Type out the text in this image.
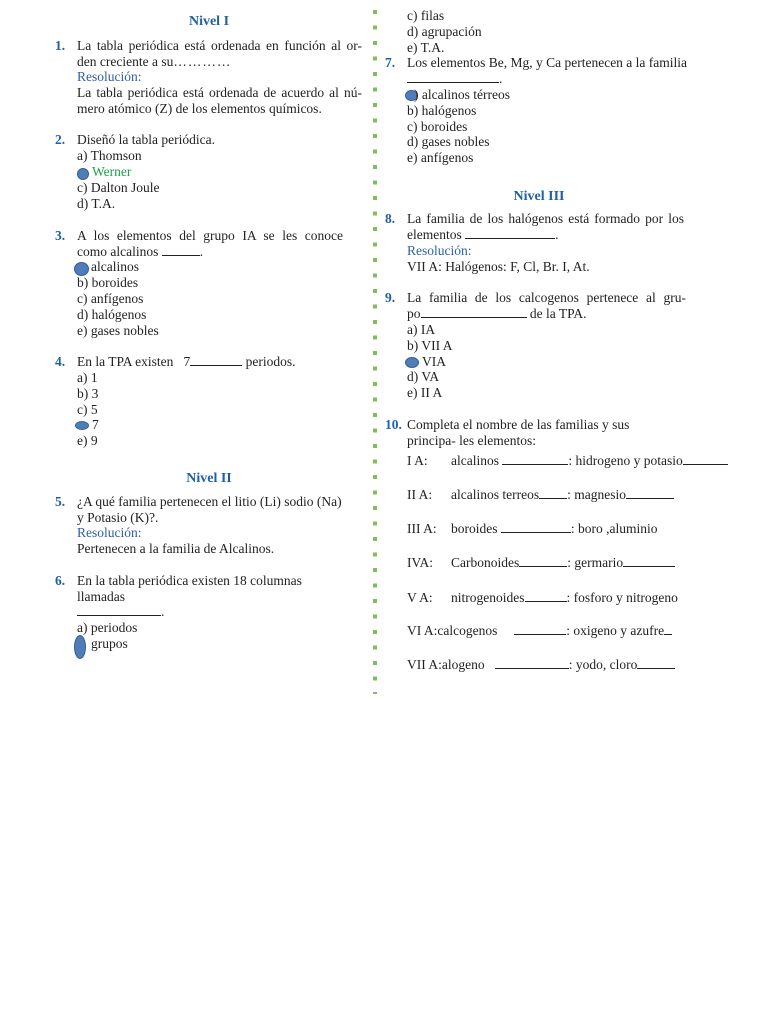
Nivel I
1. La tabla periódica está ordenada en función al or-
den creciente a su…………
Resolución:
La tabla periódica está ordenada de acuerdo al nú-
mero atómico (Z) de los elementos químicos.
2. Diseñó la tabla periódica.
a) Thomson
Werner
c) Dalton Joule
d) T.A.
3. A los elementos del grupo IA se les conoce
como alcalinos	.
alcalinos
b) boroides
c) anfígenos
d) halógenos
e) gases nobles
4. En la TPA existen 7	periodos.
a) 1
b) 3
c) 5
7
e) 9
Nivel II
5. ¿A qué familia pertenecen el litio (Li) sodio (Na)
y Potasio (K)?.
Resolución:
Pertenecen a la familia de Alcalinos.
6. En la tabla periódica existen 18 columnas
llamadas
.
a) periodos
grupos
c) filas
d) agrupación
e) T.A.
7. Los elementos Be, Mg, y Ca pertenecen a la familia
.
) alcalinos térreos
b) halógenos
c) boroides
d) gases nobles
e) anfígenos
Nivel III
8. La familia de los halógenos está formado por los
elementos	.
Resolución:
VII A: Halógenos: F, Cl, Br. I, At.
9. La familia de los calcogenos pertenece al gru-
po	de la TPA.
a) IA
b) VII A
VIA
d) VA
e) II A
10. Completa el nombre de las familias y sus
principa- les elementos:
I A: alcalinos	: hidrogeno y potasio
II A: alcalinos terreos : magnesio
III A: boroides	: boro ,aluminio
IVA: Carbonoides	: germario
V A: nitrogenoides	: fosforo y nitrogeno
VI A:calcogenos	: oxigeno y azufre
VII A:alogeno	: yodo, cloro
